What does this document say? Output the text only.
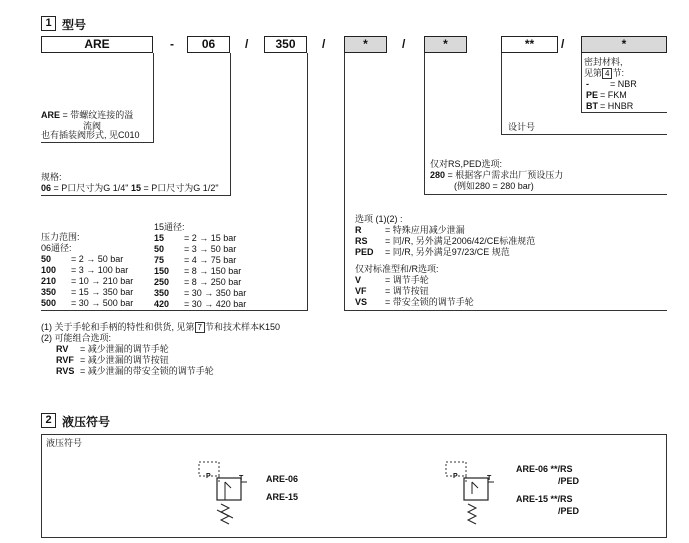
1 型号
ARE	-	06	/	350	/	*	/	*	**	/	*
密封材料,
见第 4 节:
- = NBR
PE = FKM
BT = HNBR
设计号
ARE = 带螺纹连接的溢
流阀
也有插装阀形式, 见C010
规格:
06 = P口尺寸为G 1/4" 15 = P口尺寸为G 1/2"
仅对RS,PED选项:
280 = 根据客户需求出厂预设压力
(例如280 = 280 bar)
15通径:
压力范围:
06通径:
50 = 2 → 50 bar
100 = 3 → 100 bar
210 = 10 → 210 bar
350 = 15 → 350 bar
500 = 30 → 500 bar
15 = 2 → 15 bar
50 = 3 → 50 bar
75 = 4 → 75 bar
150 = 8 → 150 bar
250 = 8 → 250 bar
350 = 30 → 350 bar
420 = 30 → 420 bar
选项 (1)(2) :
R	= 特殊应用减少泄漏
RS = 同/R, 另外满足2006/42/CE标准规范
PED = 同/R, 另外满足97/23/CE 规范
仅对标准型和/R选项:
V	= 调节手轮
VF = 调节按钮
VS = 带安全锁的调节手轮
(1) 关于手轮和手柄的特性和供货, 见第 7 节和技术样本K150
(2) 可能组合选项:
RV = 减少泄漏的调节手轮
RVF = 减少泄漏的调节按钮
RVS = 减少泄漏的带安全锁的调节手轮
2 液压符号
液压符号
P	T	ARE-06
ARE-15
P	T
ARE-06 **/RS
/PED
ARE-15 **/RS
/PED
